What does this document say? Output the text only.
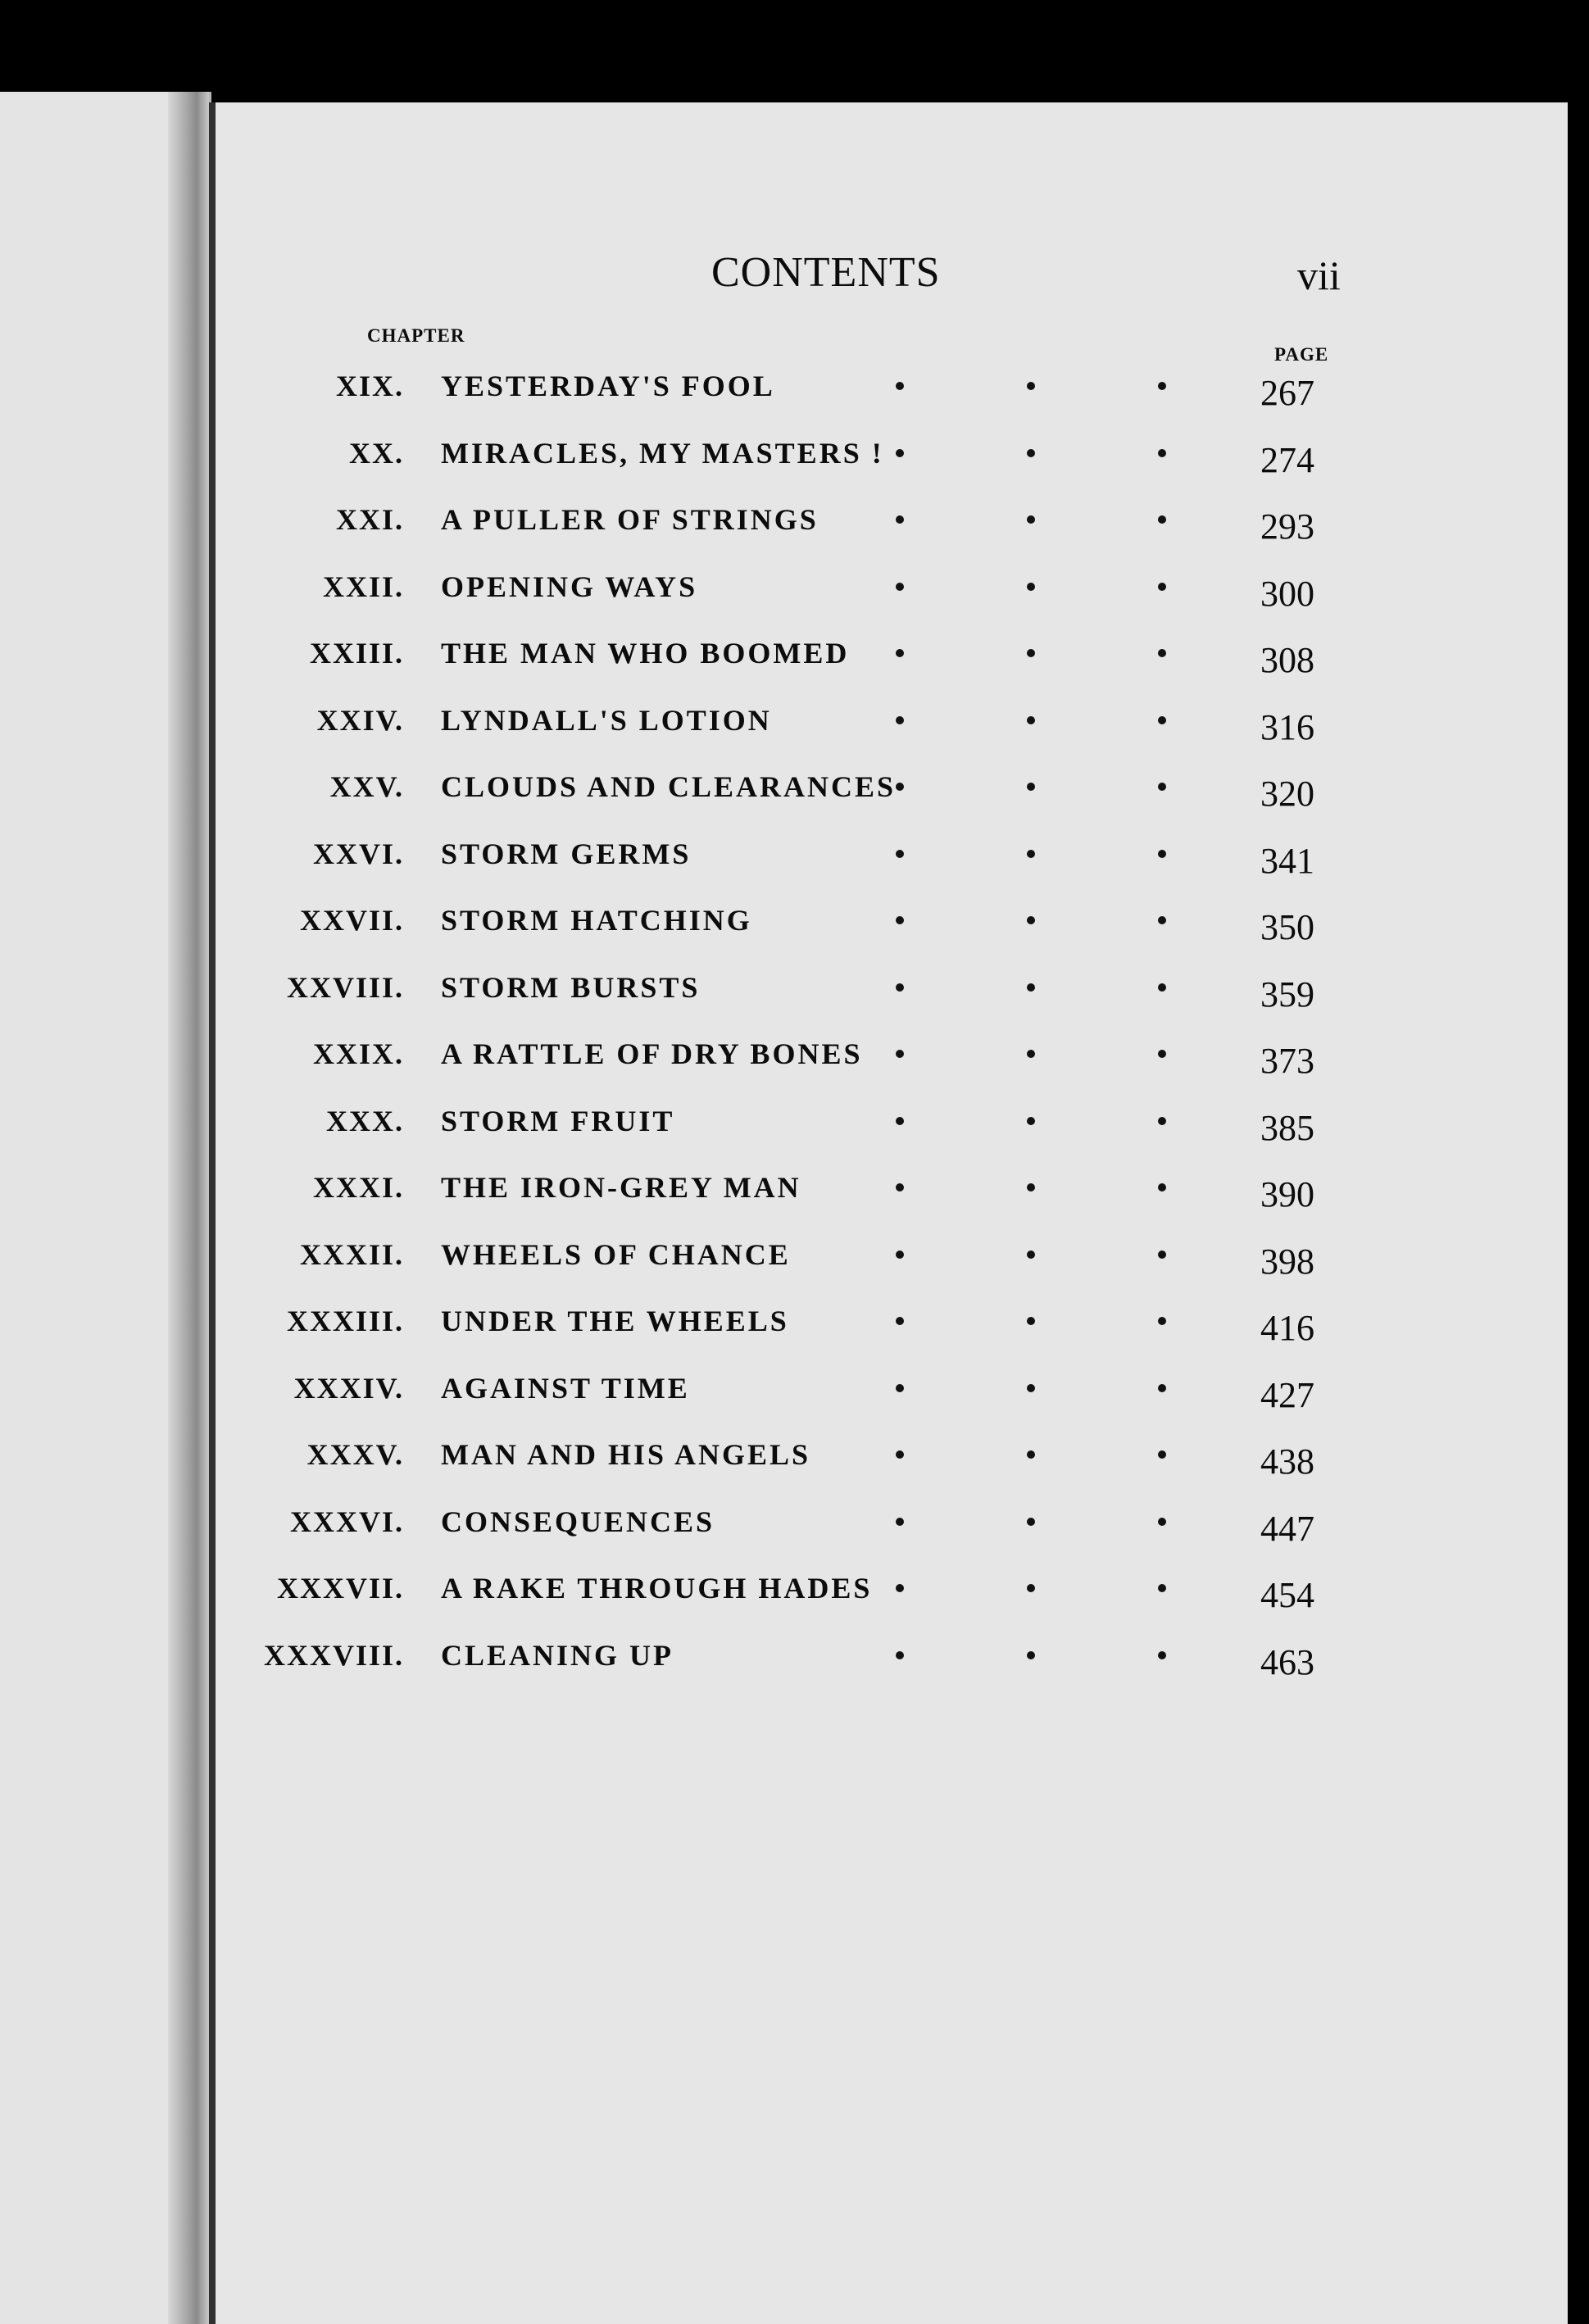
CONTENTS	vii
CHAPTER
PAGE
XIX. YESTERDAY'S FOOL	267
XX. MIRACLES, MY MASTERS !	274
XXI. A PULLER OF STRINGS	293
XXII. OPENING WAYS	300
XXIII. THE MAN WHO BOOMED	308
XXIV. LYNDALL'S LOTION	316
XXV. CLOUDS AND CLEARANCES	320
XXVI. STORM GERMS	341
XXVII. STORM HATCHING	350
XXVIII. STORM BURSTS	359
XXIX. A RATTLE OF DRY BONES	373
XXX. STORM FRUIT	385
XXXI. THE IRON-GREY MAN	390
XXXII. WHEELS OF CHANCE	398
XXXIII. UNDER THE WHEELS	416
XXXIV. AGAINST TIME	427
XXXV. MAN AND HIS ANGELS	438
XXXVI. CONSEQUENCES	447
XXXVII. A RAKE THROUGH HADES	454
XXXVIII. CLEANING UP	463
